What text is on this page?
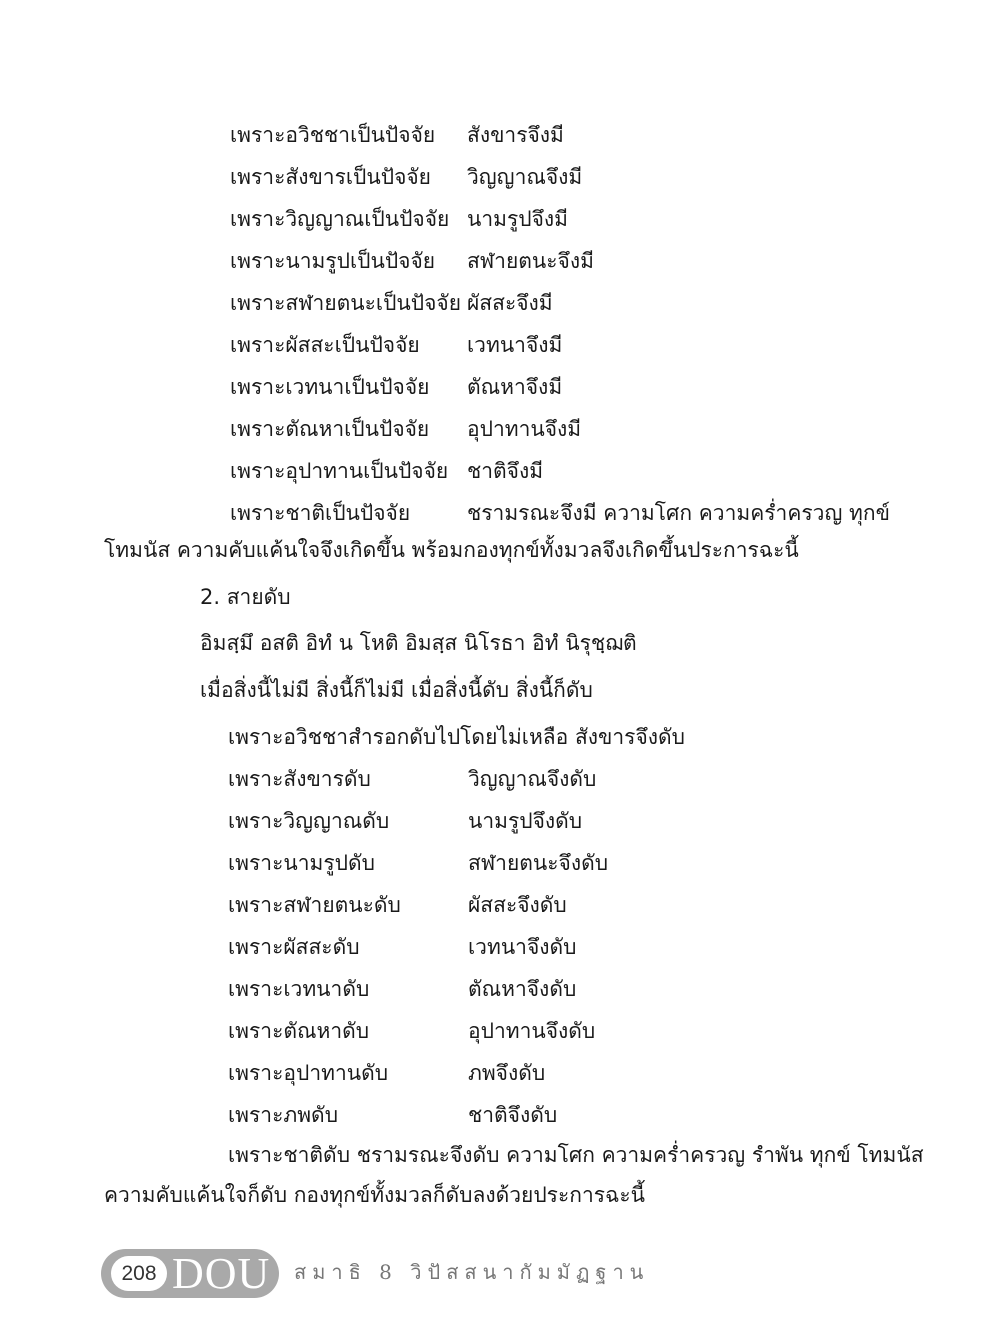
เพราะอวิชชาเป็นปัจจัย สังขารจึงมี
เพราะสังขารเป็นปัจจัย วิญญาณจึงมี
เพราะวิญญาณเป็นปัจจัย นามรูปจึงมี
เพราะนามรูปเป็นปัจจัย สฬายตนะจึงมี
เพราะสฬายตนะเป็นปัจจัย ผัสสะจึงมี
เพราะผัสสะเป็นปัจจัย เวทนาจึงมี
เพราะเวทนาเป็นปัจจัย ตัณหาจึงมี
เพราะตัณหาเป็นปัจจัย อุปาทานจึงมี
เพราะอุปาทานเป็นปัจจัย ชาติจึงมี
เพราะชาติเป็นปัจจัย	ชรามรณะจึงมี ความโศก ความคร่ำครวญ ทุกข์
โทมนัส ความคับแค้นใจจึงเกิดขึ้น พร้อมกองทุกข์ทั้งมวลจึงเกิดขึ้นประการฉะนี้
2. สายดับ
อิมสฺมึ อสติ อิทํ น โหติ อิมสฺส นิโรธา อิทํ นิรุชฺฌติ
เมื่อสิ่งนี้ไม่มี สิ่งนี้ก็ไม่มี เมื่อสิ่งนี้ดับ สิ่งนี้ก็ดับ
เพราะอวิชชาสำรอกดับไปโดยไม่เหลือ สังขารจึงดับ
เพราะสังขารดับ	วิญญาณจึงดับ
เพราะวิญญาณดับ	นามรูปจึงดับ
เพราะนามรูปดับ	สฬายตนะจึงดับ
เพราะสฬายตนะดับ	ผัสสะจึงดับ
เพราะผัสสะดับ	เวทนาจึงดับ
เพราะเวทนาดับ	ตัณหาจึงดับ
เพราะตัณหาดับ	อุปาทานจึงดับ
เพราะอุปาทานดับ	ภพจึงดับ
เพราะภพดับ	ชาติจึงดับ
เพราะชาติดับ ชรามรณะจึงดับ ความโศก ความคร่ำครวญ รำพัน ทุกข์ โทมนัส
ความคับแค้นใจก็ดับ กองทุกข์ทั้งมวลก็ดับลงด้วยประการฉะนี้
208 DOU สมาธิ 8 วิปัสสนากัมมัฏฐาน
